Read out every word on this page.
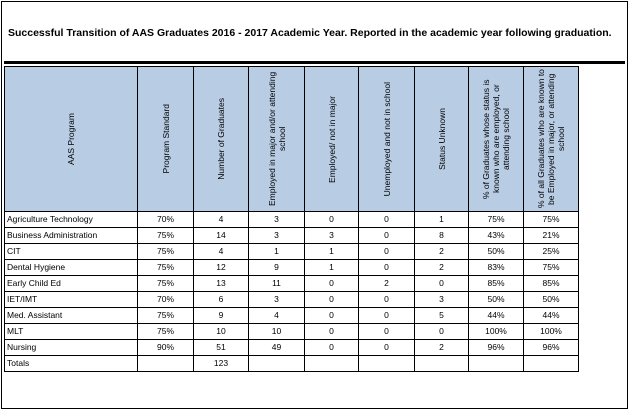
Successful Transition of AAS Graduates 2016 - 2017 Academic Year. Reported in the academic year following graduation.
AAS Program	Program Standard	Number of Graduates	Employed in major and/or attending school	Employed/ not in major	Unemployed and not in school	Status Unknown	% of Graduates whose status is known who are employed, or attending school	% of all Graduates who are known to be Employed in major, or attending school

Agriculture Technology	70%	4	3	0	0	1	75%	75%
Business Administration	75%	14	3	3	0	8	43%	21%
CIT	75%	4	1	1	0	2	50%	25%
Dental Hygiene	75%	12	9	1	0	2	83%	75%
Early Child Ed	75%	13	11	0	2	0	85%	85%
IET/IMT	70%	6	3	0	0	3	50%	50%
Med. Assistant	75%	9	4	0	0	5	44%	44%
MLT	75%	10	10	0	0	0	100%	100%
Nursing	90%	51	49	0	0	2	96%	96%
Totals		123						
